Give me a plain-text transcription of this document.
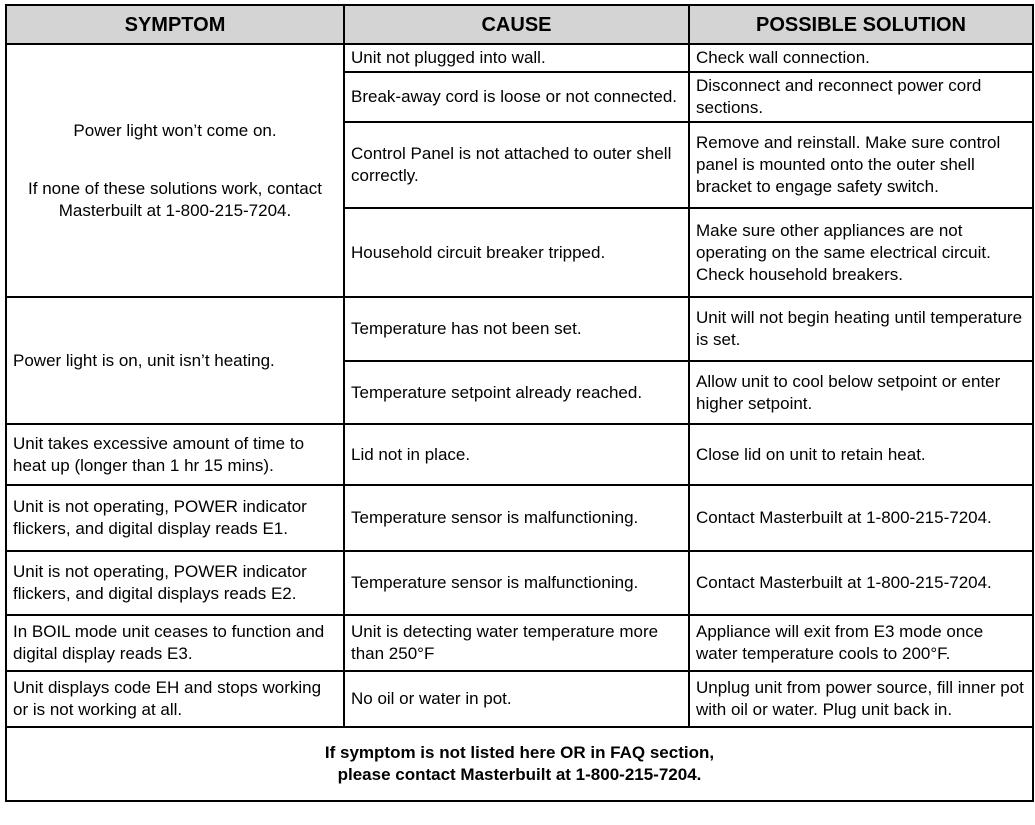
SYMPTOM	CAUSE	POSSIBLE SOLUTION

Power light won’t come on.
If none of these solutions work, contact Masterbuilt at 1-800-215-7204.	Unit not plugged into wall.	Check wall connection.
	Break-away cord is loose or not connected.	Disconnect and reconnect power cord sections.
	Control Panel is not attached to outer shell correctly.	Remove and reinstall. Make sure control panel is mounted onto the outer shell bracket to engage safety switch.
	Household circuit breaker tripped.	Make sure other appliances are not operating on the same electrical circuit. Check household breakers.
Power light is on, unit isn’t heating.	Temperature has not been set.	Unit will not begin heating until temperature is set.
	Temperature setpoint already reached.	Allow unit to cool below setpoint or enter higher setpoint.
Unit takes excessive amount of time to heat up (longer than 1 hr 15 mins).	Lid not in place.	Close lid on unit to retain heat.
Unit is not operating, POWER indicator flickers, and digital display reads E1.	Temperature sensor is malfunctioning.	Contact Masterbuilt at 1-800-215-7204.
Unit is not operating, POWER indicator flickers, and digital displays reads E2.	Temperature sensor is malfunctioning.	Contact Masterbuilt at 1-800-215-7204.
In BOIL mode unit ceases to function and digital display reads E3.	Unit is detecting water temperature more than 250°F	Appliance will exit from E3 mode once water temperature cools to 200°F.
Unit displays code EH and stops working or is not working at all.	No oil or water in pot.	Unplug unit from power source, fill inner pot with oil or water. Plug unit back in.

If symptom is not listed here OR in FAQ section,
please contact Masterbuilt at 1-800-215-7204.		
